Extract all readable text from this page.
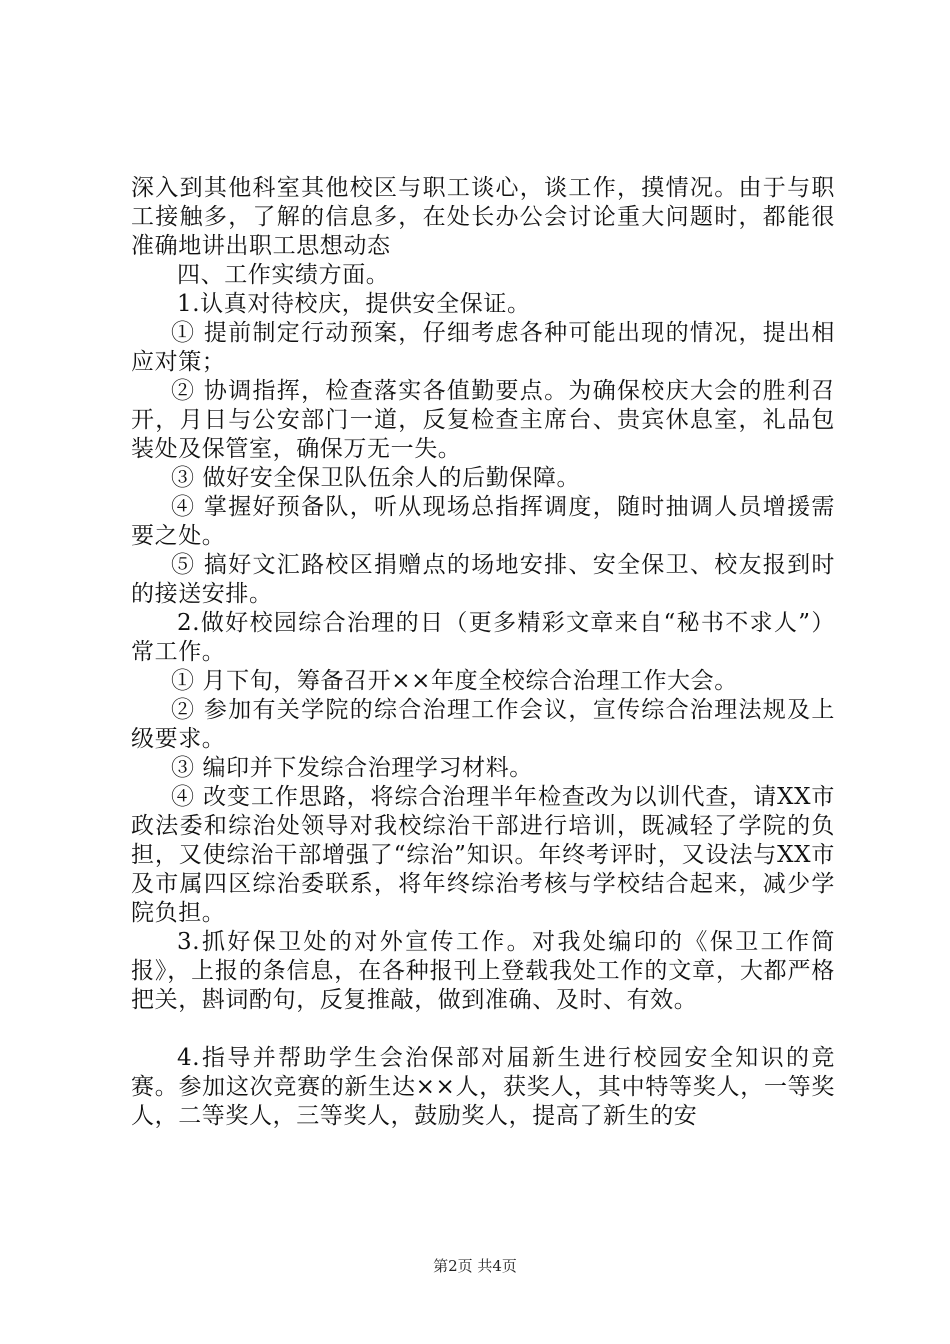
深入到其他科室其他校区与职工谈心，谈工作，摸情况。由于与职工接触多，了解的信息多，在处长办公会讨论重大问题时，都能很准确地讲出职工思想动态

四、工作实绩方面。

1.认真对待校庆，提供安全保证。

① 提前制定行动预案，仔细考虑各种可能出现的情况，提出相应对策；

② 协调指挥，检查落实各值勤要点。为确保校庆大会的胜利召开，月日与公安部门一道，反复检查主席台、贵宾休息室，礼品包装处及保管室，确保万无一失。

③ 做好安全保卫队伍余人的后勤保障。

④ 掌握好预备队，听从现场总指挥调度，随时抽调人员增援需要之处。

⑤ 搞好文汇路校区捐赠点的场地安排、安全保卫、校友报到时的接送安排。

2.做好校园综合治理的日（更多精彩文章来自“秘书不求人”）常工作。

① 月下旬，筹备召开××年度全校综合治理工作大会。

② 参加有关学院的综合治理工作会议，宣传综合治理法规及上级要求。

③ 编印并下发综合治理学习材料。

④ 改变工作思路，将综合治理半年检查改为以训代查，请XX市政法委和综治处领导对我校综治干部进行培训，既减轻了学院的负担，又使综治干部增强了“综治”知识。年终考评时，又设法与XX市及市属四区综治委联系，将年终综治考核与学校结合起来，减少学院负担。

3.抓好保卫处的对外宣传工作。对我处编印的《保卫工作简报》，上报的条信息，在各种报刊上登载我处工作的文章，大都严格把关，斟词酌句，反复推敲，做到准确、及时、有效。

4.指导并帮助学生会治保部对届新生进行校园安全知识的竞赛。参加这次竞赛的新生达××人，获奖人，其中特等奖人，一等奖人，二等奖人，三等奖人，鼓励奖人，提高了新生的安

第2页 共4页
